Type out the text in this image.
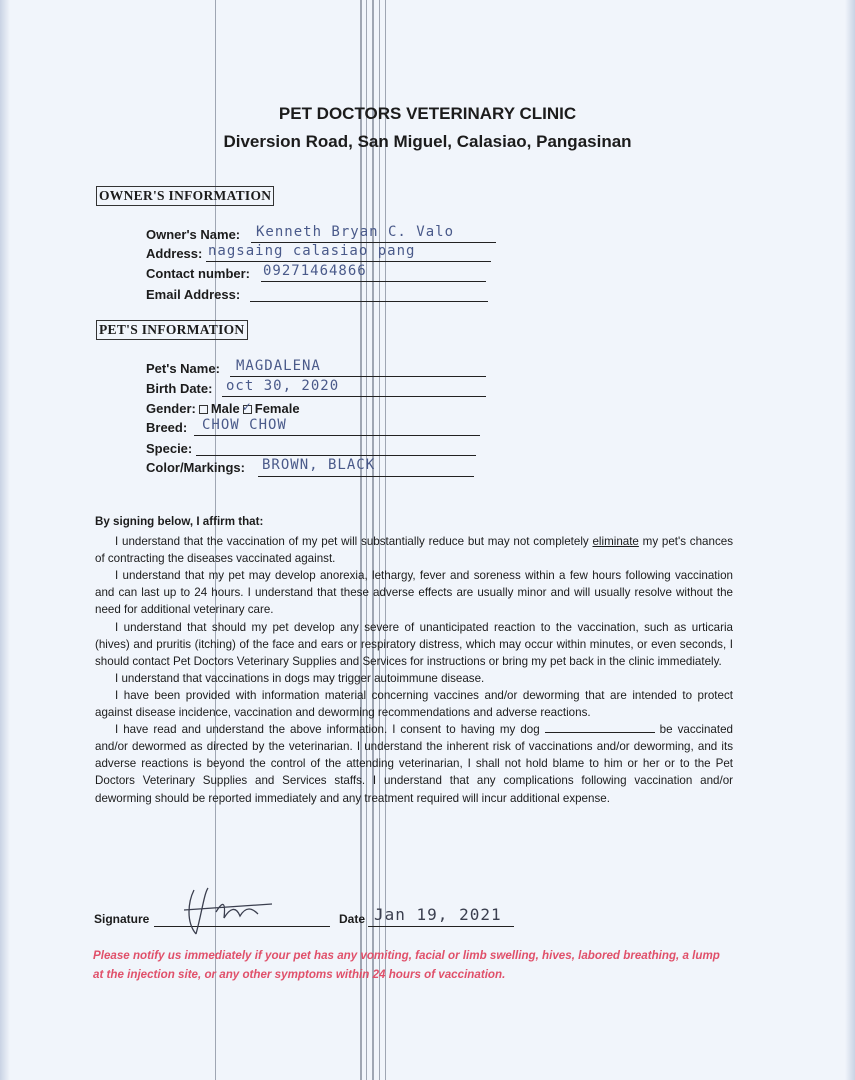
PET DOCTORS VETERINARY CLINIC
Diversion Road, San Miguel, Calasiao, Pangasinan
OWNER'S INFORMATION
Owner's Name: Kenneth Bryan C. Valo
Address: nagsaing calasiao pang
Contact number: 09271464866
Email Address:
PET'S INFORMATION
Pet's Name: MAGDALENA
Birth Date: oct 30, 2020
Gender: Male ✓ Female
Breed: CHOW CHOW
Specie:
Color/Markings: BROWN, BLACK

By signing below, I affirm that:

I understand that the vaccination of my pet will substantially reduce but may not completely eliminate my pet's chances of contracting the diseases vaccinated against.

I understand that my pet may develop anorexia, lethargy, fever and soreness within a few hours following vaccination and can last up to 24 hours. I understand that these adverse effects are usually minor and will usually resolve without the need for additional veterinary care.

I understand that should my pet develop any severe of unanticipated reaction to the vaccination, such as urticaria (hives) and pruritis (itching) of the face and ears or respiratory distress, which may occur within minutes, or even seconds, I should contact Pet Doctors Veterinary Supplies and Services for instructions or bring my pet back in the clinic immediately.

I understand that vaccinations in dogs may trigger autoimmune disease.

I have been provided with information material concerning vaccines and/or deworming that are intended to protect against disease incidence, vaccination and deworming recommendations and adverse reactions.

I have read and understand the above information. I consent to having my dog	be vaccinated and/or dewormed as directed by the veterinarian. I understand the inherent risk of vaccinations and/or deworming, and its adverse reactions is beyond the control of the attending veterinarian, I shall not hold blame to him or her or to the Pet Doctors Veterinary Supplies and Services staffs. I understand that any complications following vaccination and/or deworming should be reported immediately and any treatment required will incur additional expense.

Signature	Date Jan 19, 2021
Please notify us immediately if your pet has any vomiting, facial or limb swelling, hives, labored breathing, a lump at the injection site, or any other symptoms within 24 hours of vaccination.
